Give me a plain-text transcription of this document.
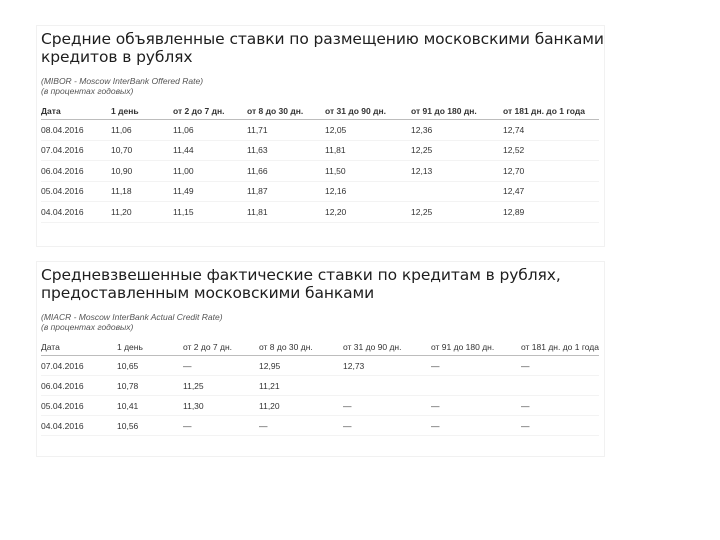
Средние объявленные ставки по размещению московскими банками
кредитов в рублях
(MIBOR - Moscow InterBank Offered Rate)
(в процентах годовых)
Дата	1 день	от 2 до 7 дн.	от 8 до 30 дн.	от 31 до 90 дн.	от 91 до 180 дн.	от 181 дн. до 1 года
08.04.2016	11,06	11,06	11,71	12,05	12,36	12,74
07.04.2016	10,70	11,44	11,63	11,81	12,25	12,52
06.04.2016	10,90	11,00	11,66	11,50	12,13	12,70
05.04.2016	11,18	11,49	11,87	12,16		12,47
04.04.2016	11,20	11,15	11,81	12,20	12,25	12,89
Средневзвешенные фактические ставки по кредитам в рублях,
предоставленным московскими банками
(MIACR - Moscow InterBank Actual Credit Rate)
(в процентах годовых)
Дата	1 день	от 2 до 7 дн.	от 8 до 30 дн.	от 31 до 90 дн.	от 91 до 180 дн.	от 181 дн. до 1 года
07.04.2016	10,65	—	12,95	12,73	—	—
06.04.2016	10,78	11,25	11,21			
05.04.2016	10,41	11,30	11,20	—	—	—
04.04.2016	10,56	—	—	—	—	—
